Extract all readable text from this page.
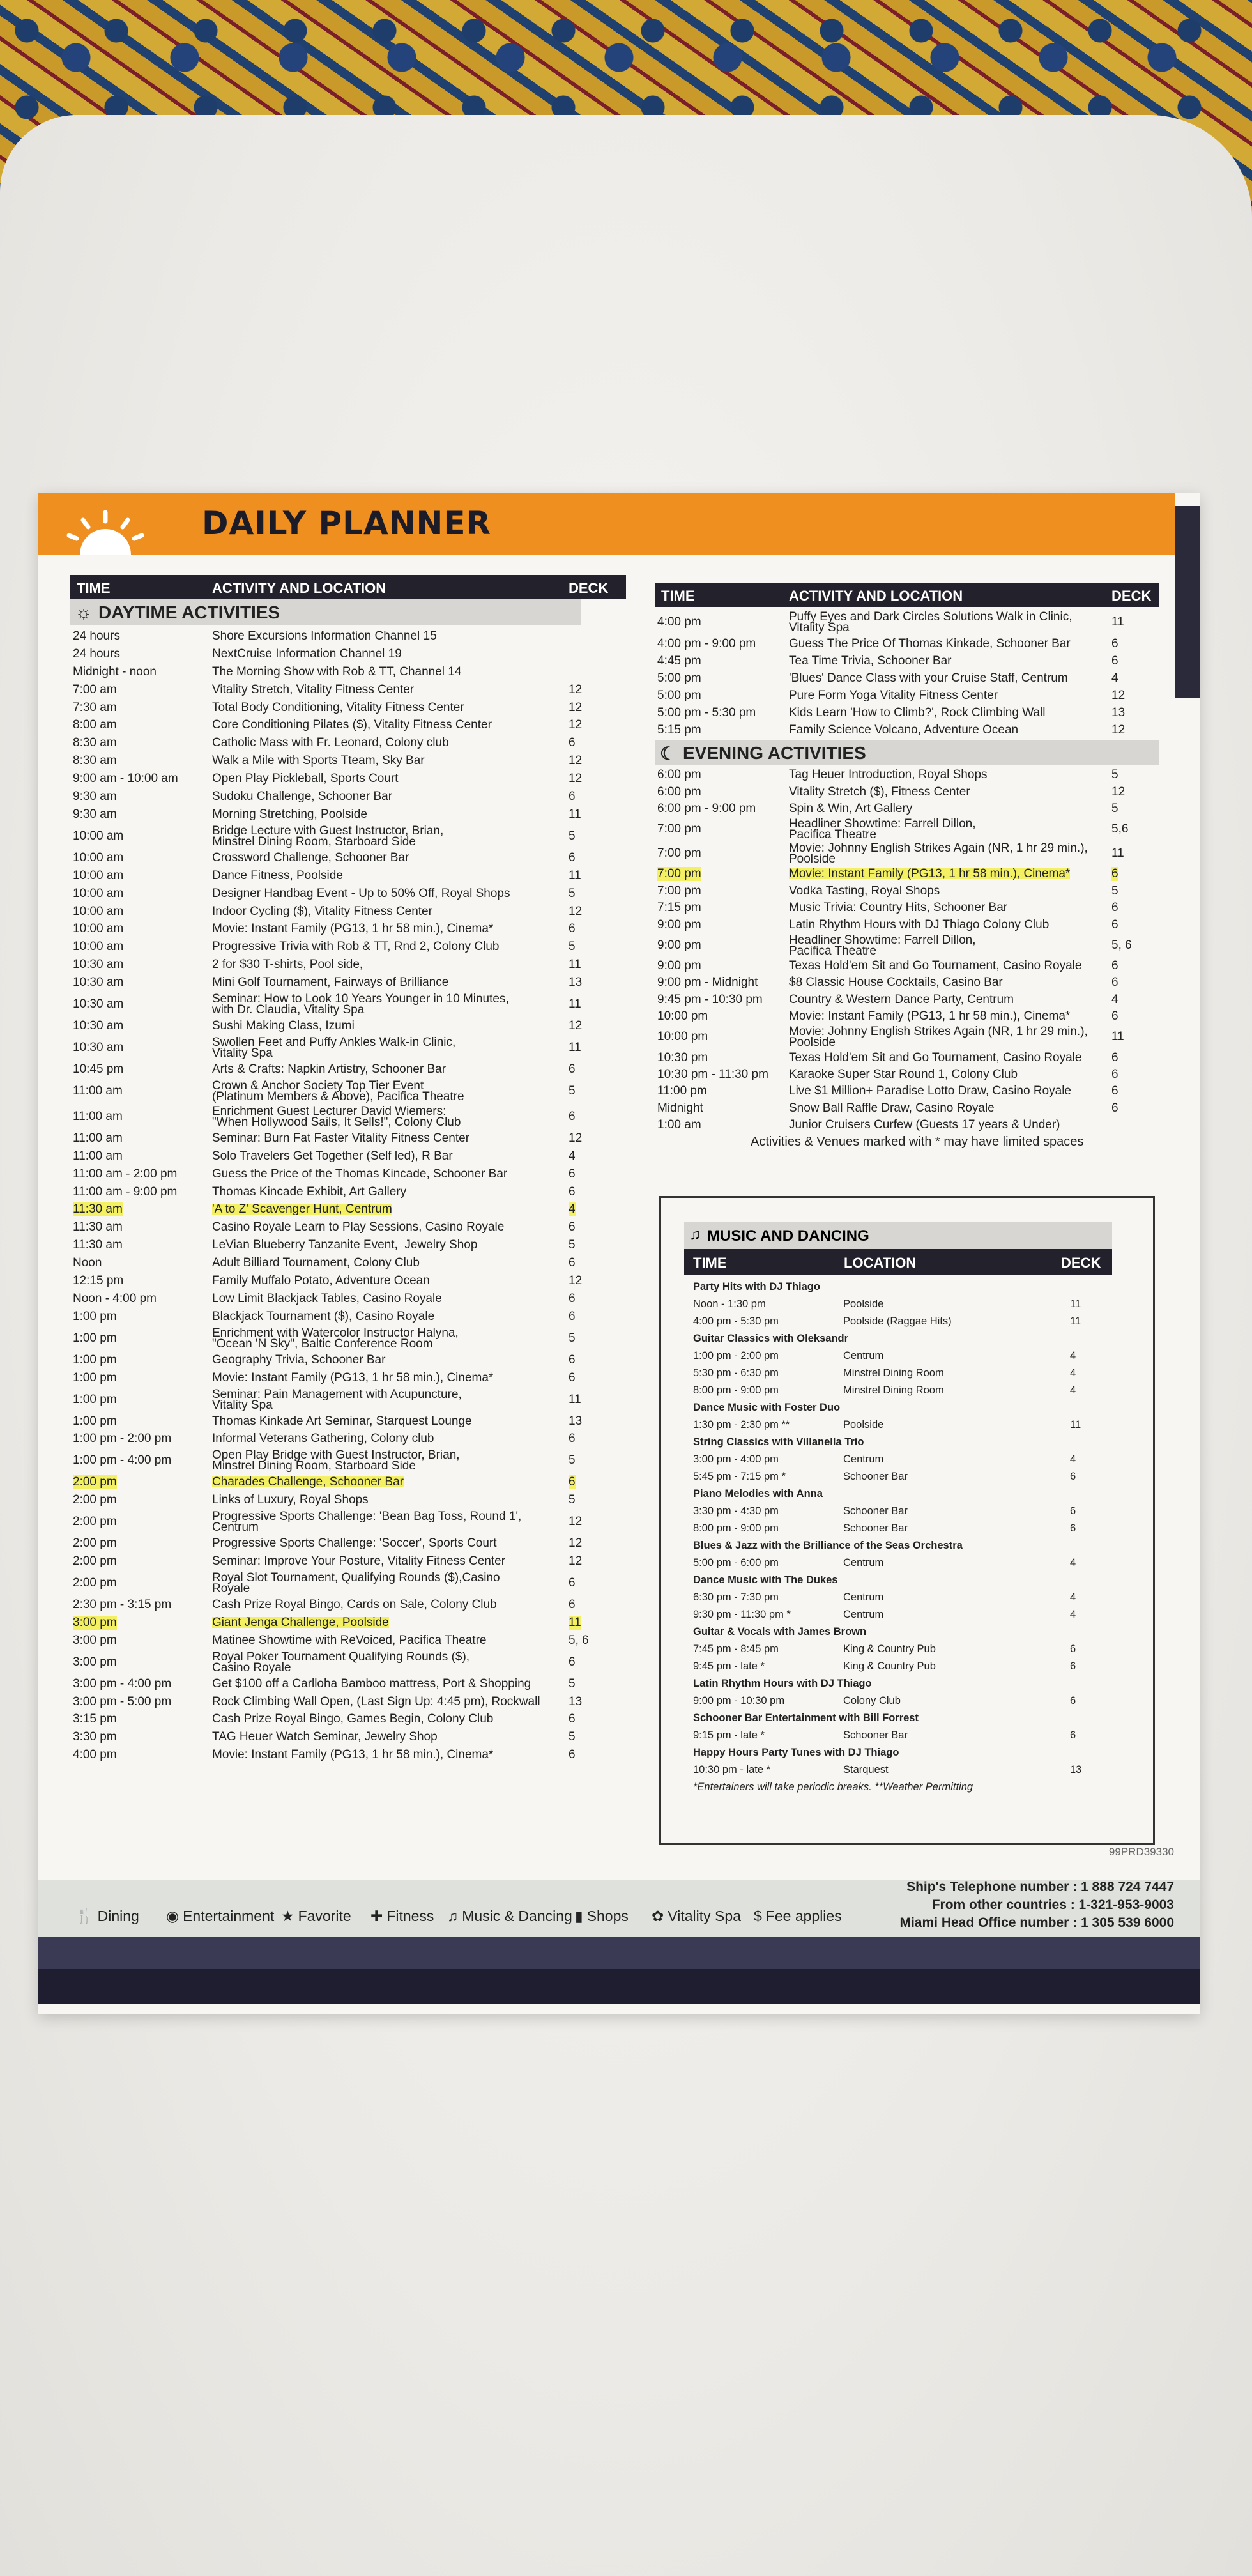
DAILY PLANNER
TIME	ACTIVITY AND LOCATION	DECK
☼ DAYTIME ACTIVITIES
24 hours	Shore Excursions Information Channel 15
24 hours	NextCruise Information Channel 19
Midnight - noon	The Morning Show with Rob & TT, Channel 14
7:00 am	Vitality Stretch, Vitality Fitness Center	12
7:30 am	Total Body Conditioning, Vitality Fitness Center	12
8:00 am	Core Conditioning Pilates ($), Vitality Fitness Center	12
8:30 am	Catholic Mass with Fr. Leonard, Colony club	6
8:30 am	Walk a Mile with Sports Tteam, Sky Bar	12
9:00 am - 10:00 am	Open Play Pickleball, Sports Court	12
9:30 am	Sudoku Challenge, Schooner Bar	6
9:30 am	Morning Stretching, Poolside	11
10:00 am	Bridge Lecture with Guest Instructor, Brian,
Minstrel Dining Room, Starboard Side	5
10:00 am	Crossword Challenge, Schooner Bar	6
10:00 am	Dance Fitness, Poolside	11
10:00 am	Designer Handbag Event - Up to 50% Off, Royal Shops	5
10:00 am	Indoor Cycling ($), Vitality Fitness Center	12
10:00 am	Movie: Instant Family (PG13, 1 hr 58 min.), Cinema*	6
10:00 am	Progressive Trivia with Rob & TT, Rnd 2, Colony Club	5
10:30 am	2 for $30 T-shirts, Pool side,	11
10:30 am	Mini Golf Tournament, Fairways of Brilliance	13
10:30 am	Seminar: How to Look 10 Years Younger in 10 Minutes,
with Dr. Claudia, Vitality Spa	11
10:30 am	Sushi Making Class, Izumi	12
10:30 am	Swollen Feet and Puffy Ankles Walk-in Clinic,
Vitality Spa	11
10:45 pm	Arts & Crafts: Napkin Artistry, Schooner Bar	6
11:00 am	Crown & Anchor Society Top Tier Event
(Platinum Members & Above), Pacifica Theatre	5
11:00 am	Enrichment Guest Lecturer David Wiemers:
"When Hollywood Sails, It Sells!", Colony Club	6
11:00 am	Seminar: Burn Fat Faster Vitality Fitness Center	12
11:00 am	Solo Travelers Get Together (Self led), R Bar	4
11:00 am - 2:00 pm	Guess the Price of the Thomas Kincade, Schooner Bar	6
11:00 am - 9:00 pm	Thomas Kincade Exhibit, Art Gallery	6
11:30 am	'A to Z' Scavenger Hunt, Centrum	4
11:30 am	Casino Royale Learn to Play Sessions, Casino Royale	6
11:30 am	LeVian Blueberry Tanzanite Event,  Jewelry Shop	5
Noon	Adult Billiard Tournament, Colony Club	6
12:15 pm	Family Muffalo Potato, Adventure Ocean	12
Noon - 4:00 pm	Low Limit Blackjack Tables, Casino Royale	6
1:00 pm	Blackjack Tournament ($), Casino Royale	6
1:00 pm	Enrichment with Watercolor Instructor Halyna,
"Ocean 'N Sky", Baltic Conference Room	5
1:00 pm	Geography Trivia, Schooner Bar	6
1:00 pm	Movie: Instant Family (PG13, 1 hr 58 min.), Cinema*	6
1:00 pm	Seminar: Pain Management with Acupuncture,
Vitality Spa	11
1:00 pm	Thomas Kinkade Art Seminar, Starquest Lounge	13
1:00 pm - 2:00 pm	Informal Veterans Gathering, Colony club	6
1:00 pm - 4:00 pm	Open Play Bridge with Guest Instructor, Brian,
Minstrel Dining Room, Starboard Side	5
2:00 pm	Charades Challenge, Schooner Bar	6
2:00 pm	Links of Luxury, Royal Shops	5
2:00 pm	Progressive Sports Challenge: 'Bean Bag Toss, Round 1',
Centrum	12
2:00 pm	Progressive Sports Challenge: 'Soccer', Sports Court	12
2:00 pm	Seminar: Improve Your Posture, Vitality Fitness Center	12
2:00 pm	Royal Slot Tournament, Qualifying Rounds ($),Casino
Royale	6
2:30 pm - 3:15 pm	Cash Prize Royal Bingo, Cards on Sale, Colony Club	6
3:00 pm	Giant Jenga Challenge, Poolside	11
3:00 pm	Matinee Showtime with ReVoiced, Pacifica Theatre	5, 6
3:00 pm	Royal Poker Tournament Qualifying Rounds ($),
Casino Royale	6
3:00 pm - 4:00 pm	Get $100 off a Carlloha Bamboo mattress, Port & Shopping	5
3:00 pm - 5:00 pm	Rock Climbing Wall Open, (Last Sign Up: 4:45 pm), Rockwall 13
3:15 pm	Cash Prize Royal Bingo, Games Begin, Colony Club	6
3:30 pm	TAG Heuer Watch Seminar, Jewelry Shop	5
4:00 pm	Movie: Instant Family (PG13, 1 hr 58 min.), Cinema*	6
TIME	ACTIVITY AND LOCATION	DECK
4:00 pm	Puffy Eyes and Dark Circles Solutions Walk in Clinic,
Vitality Spa	11
4:00 pm - 9:00 pm	Guess The Price Of Thomas Kinkade, Schooner Bar	6
4:45 pm	Tea Time Trivia, Schooner Bar	6
5:00 pm	'Blues' Dance Class with your Cruise Staff, Centrum	4
5:00 pm	Pure Form Yoga Vitality Fitness Center	12
5:00 pm - 5:30 pm	Kids Learn 'How to Climb?', Rock Climbing Wall	13
5:15 pm	Family Science Volcano, Adventure Ocean	12
☾ EVENING ACTIVITIES
6:00 pm	Tag Heuer Introduction, Royal Shops	5
6:00 pm	Vitality Stretch ($), Fitness Center	12
6:00 pm - 9:00 pm	Spin & Win, Art Gallery	5
7:00 pm	Headliner Showtime: Farrell Dillon,
Pacifica Theatre	5,6
7:00 pm	Movie: Johnny English Strikes Again (NR, 1 hr 29 min.),
Poolside	11
7:00 pm	Movie: Instant Family (PG13, 1 hr 58 min.), Cinema*	6
7:00 pm	Vodka Tasting, Royal Shops	5
7:15 pm	Music Trivia: Country Hits, Schooner Bar	6
9:00 pm	Latin Rhythm Hours with DJ Thiago Colony Club	6
9:00 pm	Headliner Showtime: Farrell Dillon,
Pacifica Theatre	5, 6
9:00 pm	Texas Hold'em Sit and Go Tournament, Casino Royale 6
9:00 pm - Midnight	$8 Classic House Cocktails, Casino Bar	6
9:45 pm - 10:30 pm Country & Western Dance Party, Centrum	4
10:00 pm	Movie: Instant Family (PG13, 1 hr 58 min.), Cinema*	6
10:00 pm	Movie: Johnny English Strikes Again (NR, 1 hr 29 min.),
Poolside	11
10:30 pm	Texas Hold'em Sit and Go Tournament, Casino Royale 6
10:30 pm - 11:30 pm Karaoke Super Star Round 1, Colony Club	6
11:00 pm	Live $1 Million+ Paradise Lotto Draw, Casino Royale	6
Midnight	Snow Ball Raffle Draw, Casino Royale	6
1:00 am	Junior Cruisers Curfew (Guests 17 years & Under)
Activities & Venues marked with * may have limited spaces
♫ MUSIC AND DANCING
TIME	LOCATION	DECK
Party Hits with DJ Thiago
Noon - 1:30 pm	Poolside	11
4:00 pm - 5:30 pm	Poolside (Raggae Hits)	11
Guitar Classics with Oleksandr
1:00 pm - 2:00 pm	Centrum	4
5:30 pm - 6:30 pm	Minstrel Dining Room	4
8:00 pm - 9:00 pm	Minstrel Dining Room	4
Dance Music with Foster Duo
1:30 pm - 2:30 pm **	Poolside	11
String Classics with Villanella Trio
3:00 pm - 4:00 pm	Centrum	4
5:45 pm - 7:15 pm *	Schooner Bar	6
Piano Melodies with Anna
3:30 pm - 4:30 pm	Schooner Bar	6
8:00 pm - 9:00 pm	Schooner Bar	6
Blues & Jazz with the Brilliance of the Seas Orchestra
5:00 pm - 6:00 pm	Centrum	4
Dance Music with The Dukes
6:30 pm - 7:30 pm	Centrum	4
9:30 pm - 11:30 pm *	Centrum	4
Guitar & Vocals with James Brown
7:45 pm - 8:45 pm	King & Country Pub	6
9:45 pm - late *	King & Country Pub	6
Latin Rhythm Hours with DJ Thiago
9:00 pm - 10:30 pm	Colony Club	6
Schooner Bar Entertainment with Bill Forrest
9:15 pm - late *	Schooner Bar	6
Happy Hours Party Tunes with DJ Thiago
10:30 pm - late *	Starquest	13
*Entertainers will take periodic breaks. **Weather Permitting
99PRD39330
🍴 Dining ◉ Entertainment ★ Favorite ✚ Fitness ♫ Music & Dancing ▮ Shops ✿ Vitality Spa $ Fee applies
Ship's Telephone number : 1 888 724 7447
From other countries : 1-321-953-9003
Miami Head Office number : 1 305 539 6000
